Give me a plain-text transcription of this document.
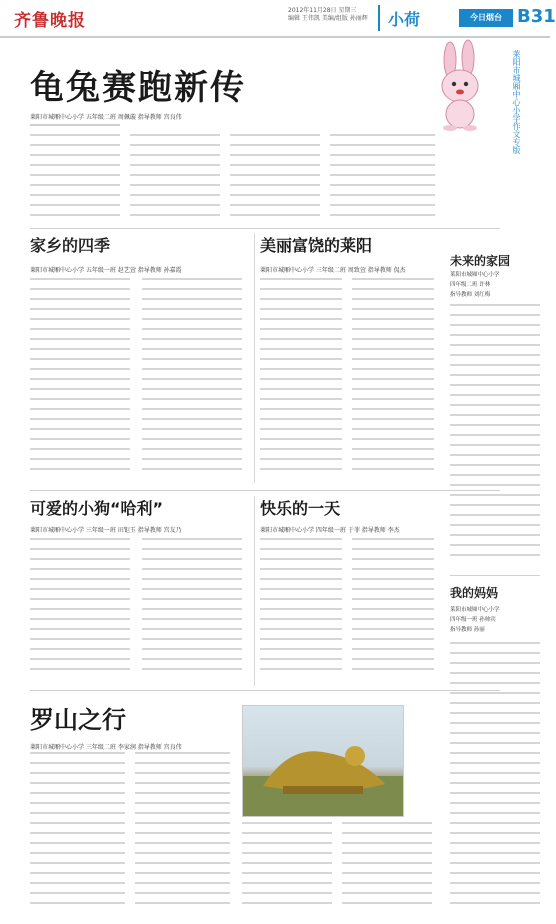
齐鲁晚报
2012年11月28日 星期三
编辑 王伟凯 美编/组版 孙丽辉 小荷	今日烟台 B31
龟兔赛跑新传	莱阳市城厢中心小学作文专版
莱阳市城厢中心小学 五年级二班 周佩璇 指导教师 宫良伟
家乡的四季
莱阳市城厢中心小学 五年级一班 赵艺萱 指导教师 孙嘉霞
美丽富饶的莱阳
莱阳市城厢中心小学 三年级二班 周致萱 指导教师 侃杰
可爱的小狗“哈利”
莱阳市城厢中心小学 三年级一班 田钜玉 指导教师 宫友乃
快乐的一天
莱阳市城厢中心小学 四年级一班 于菲 指导教师 李杰
罗山之行
莱阳市城厢中心小学 三年级二班 李家润 指导教师 宫良伟
未来的家园
莱阳市城厢中心小学
四年级二班 许林
指导教师 刘红梅
我的妈妈
莱阳市城厢中心小学
四年级一班 孙帅宾
指导教师 孙丽
